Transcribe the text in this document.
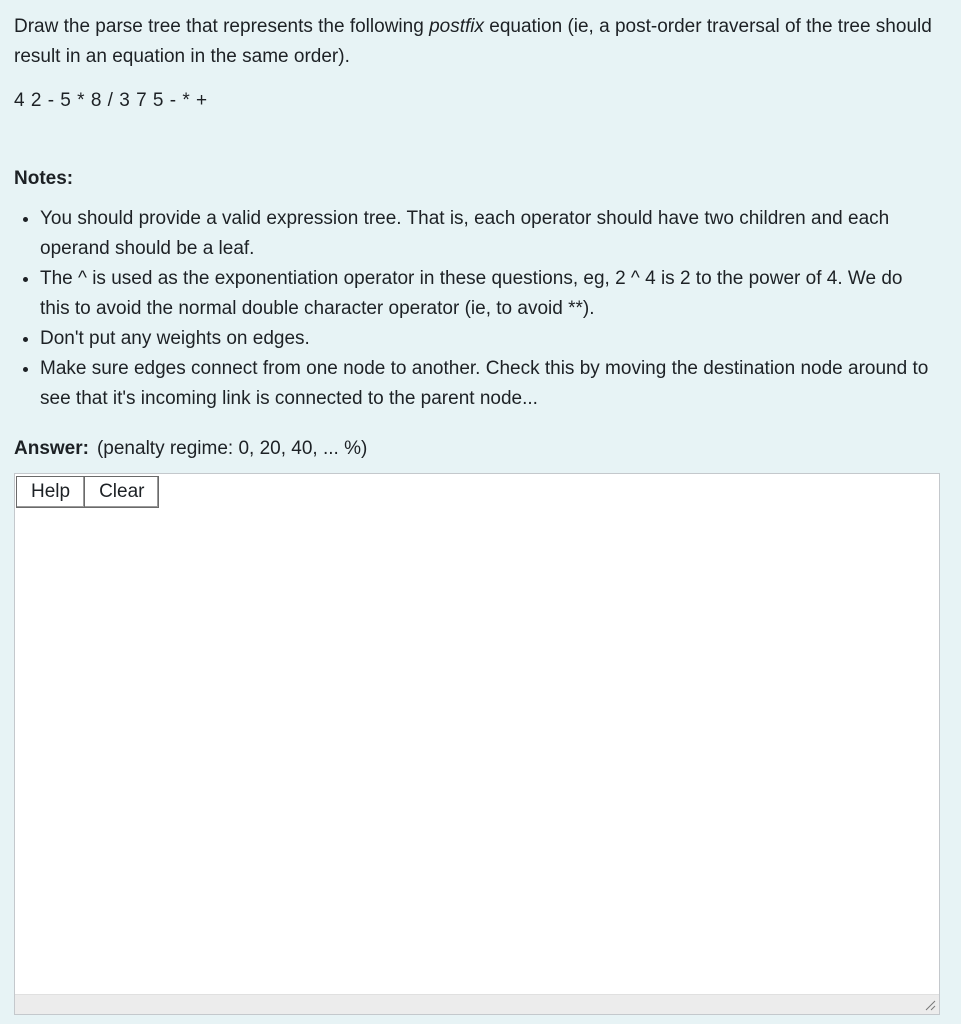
Draw the parse tree that represents the following postfix equation (ie, a post-order traversal of the tree should result in an equation in the same order).

4 2 - 5 * 8 / 3 7 5 - * +

Notes:

• You should provide a valid expression tree. That is, each operator should have two children and each operand should be a leaf.
• The ^ is used as the exponentiation operator in these questions, eg, 2 ^ 4 is 2 to the power of 4. We do this to avoid the normal double character operator (ie, to avoid **).
• Don't put any weights on edges.
• Make sure edges connect from one node to another. Check this by moving the destination node around to see that it's incoming link is connected to the parent node...
Answer: (penalty regime: 0, 20, 40, ... %)
Help	Clear
